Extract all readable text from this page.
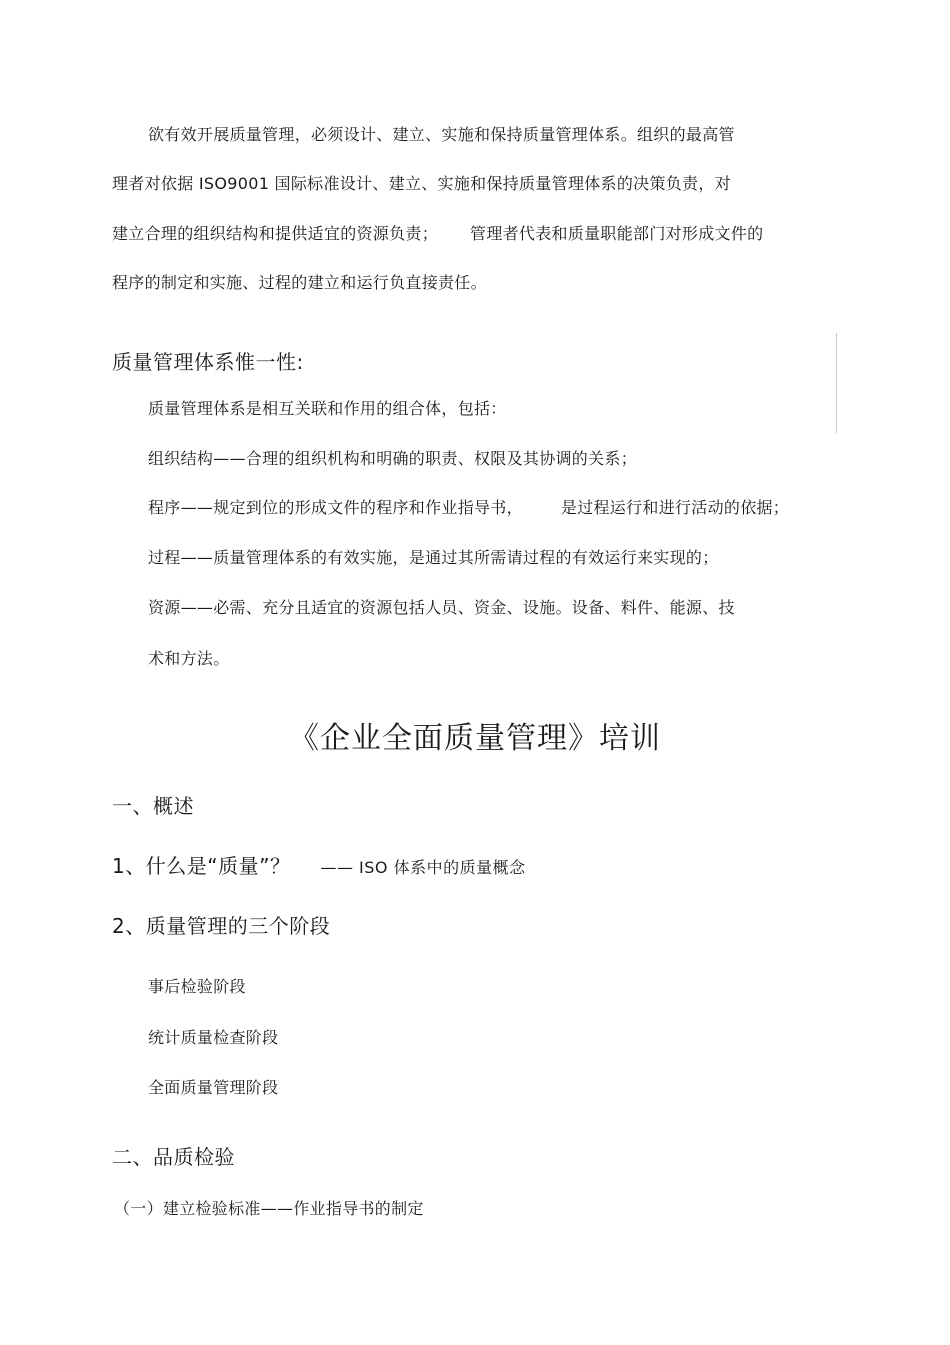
欲有效开展质量管理，必须设计、建立、实施和保持质量管理体系。组织的最高管
理者对依据 ISO9001 国际标准设计、建立、实施和保持质量管理体系的决策负责，对
建立合理的组织结构和提供适宜的资源负责； 管理者代表和质量职能部门对形成文件的
程序的制定和实施、过程的建立和运行负直接责任。
质量管理体系惟一性:
质量管理体系是相互关联和作用的组合体，包括：
组织结构——合理的组织机构和明确的职责、权限及其协调的关系；
程序——规定到位的形成文件的程序和作业指导书， 是过程运行和进行活动的依据；
过程——质量管理体系的有效实施，是通过其所需请过程的有效运行来实现的；
资源——必需、充分且适宜的资源包括人员、资金、设施。设备、料件、能源、技
术和方法。
《企业全面质量管理》培训
一、概述
1、什么是“质量”？ —— ISO 体系中的质量概念
2、质量管理的三个阶段
事后检验阶段
统计质量检查阶段
全面质量管理阶段
二、品质检验
（一）建立检验标准——作业指导书的制定
